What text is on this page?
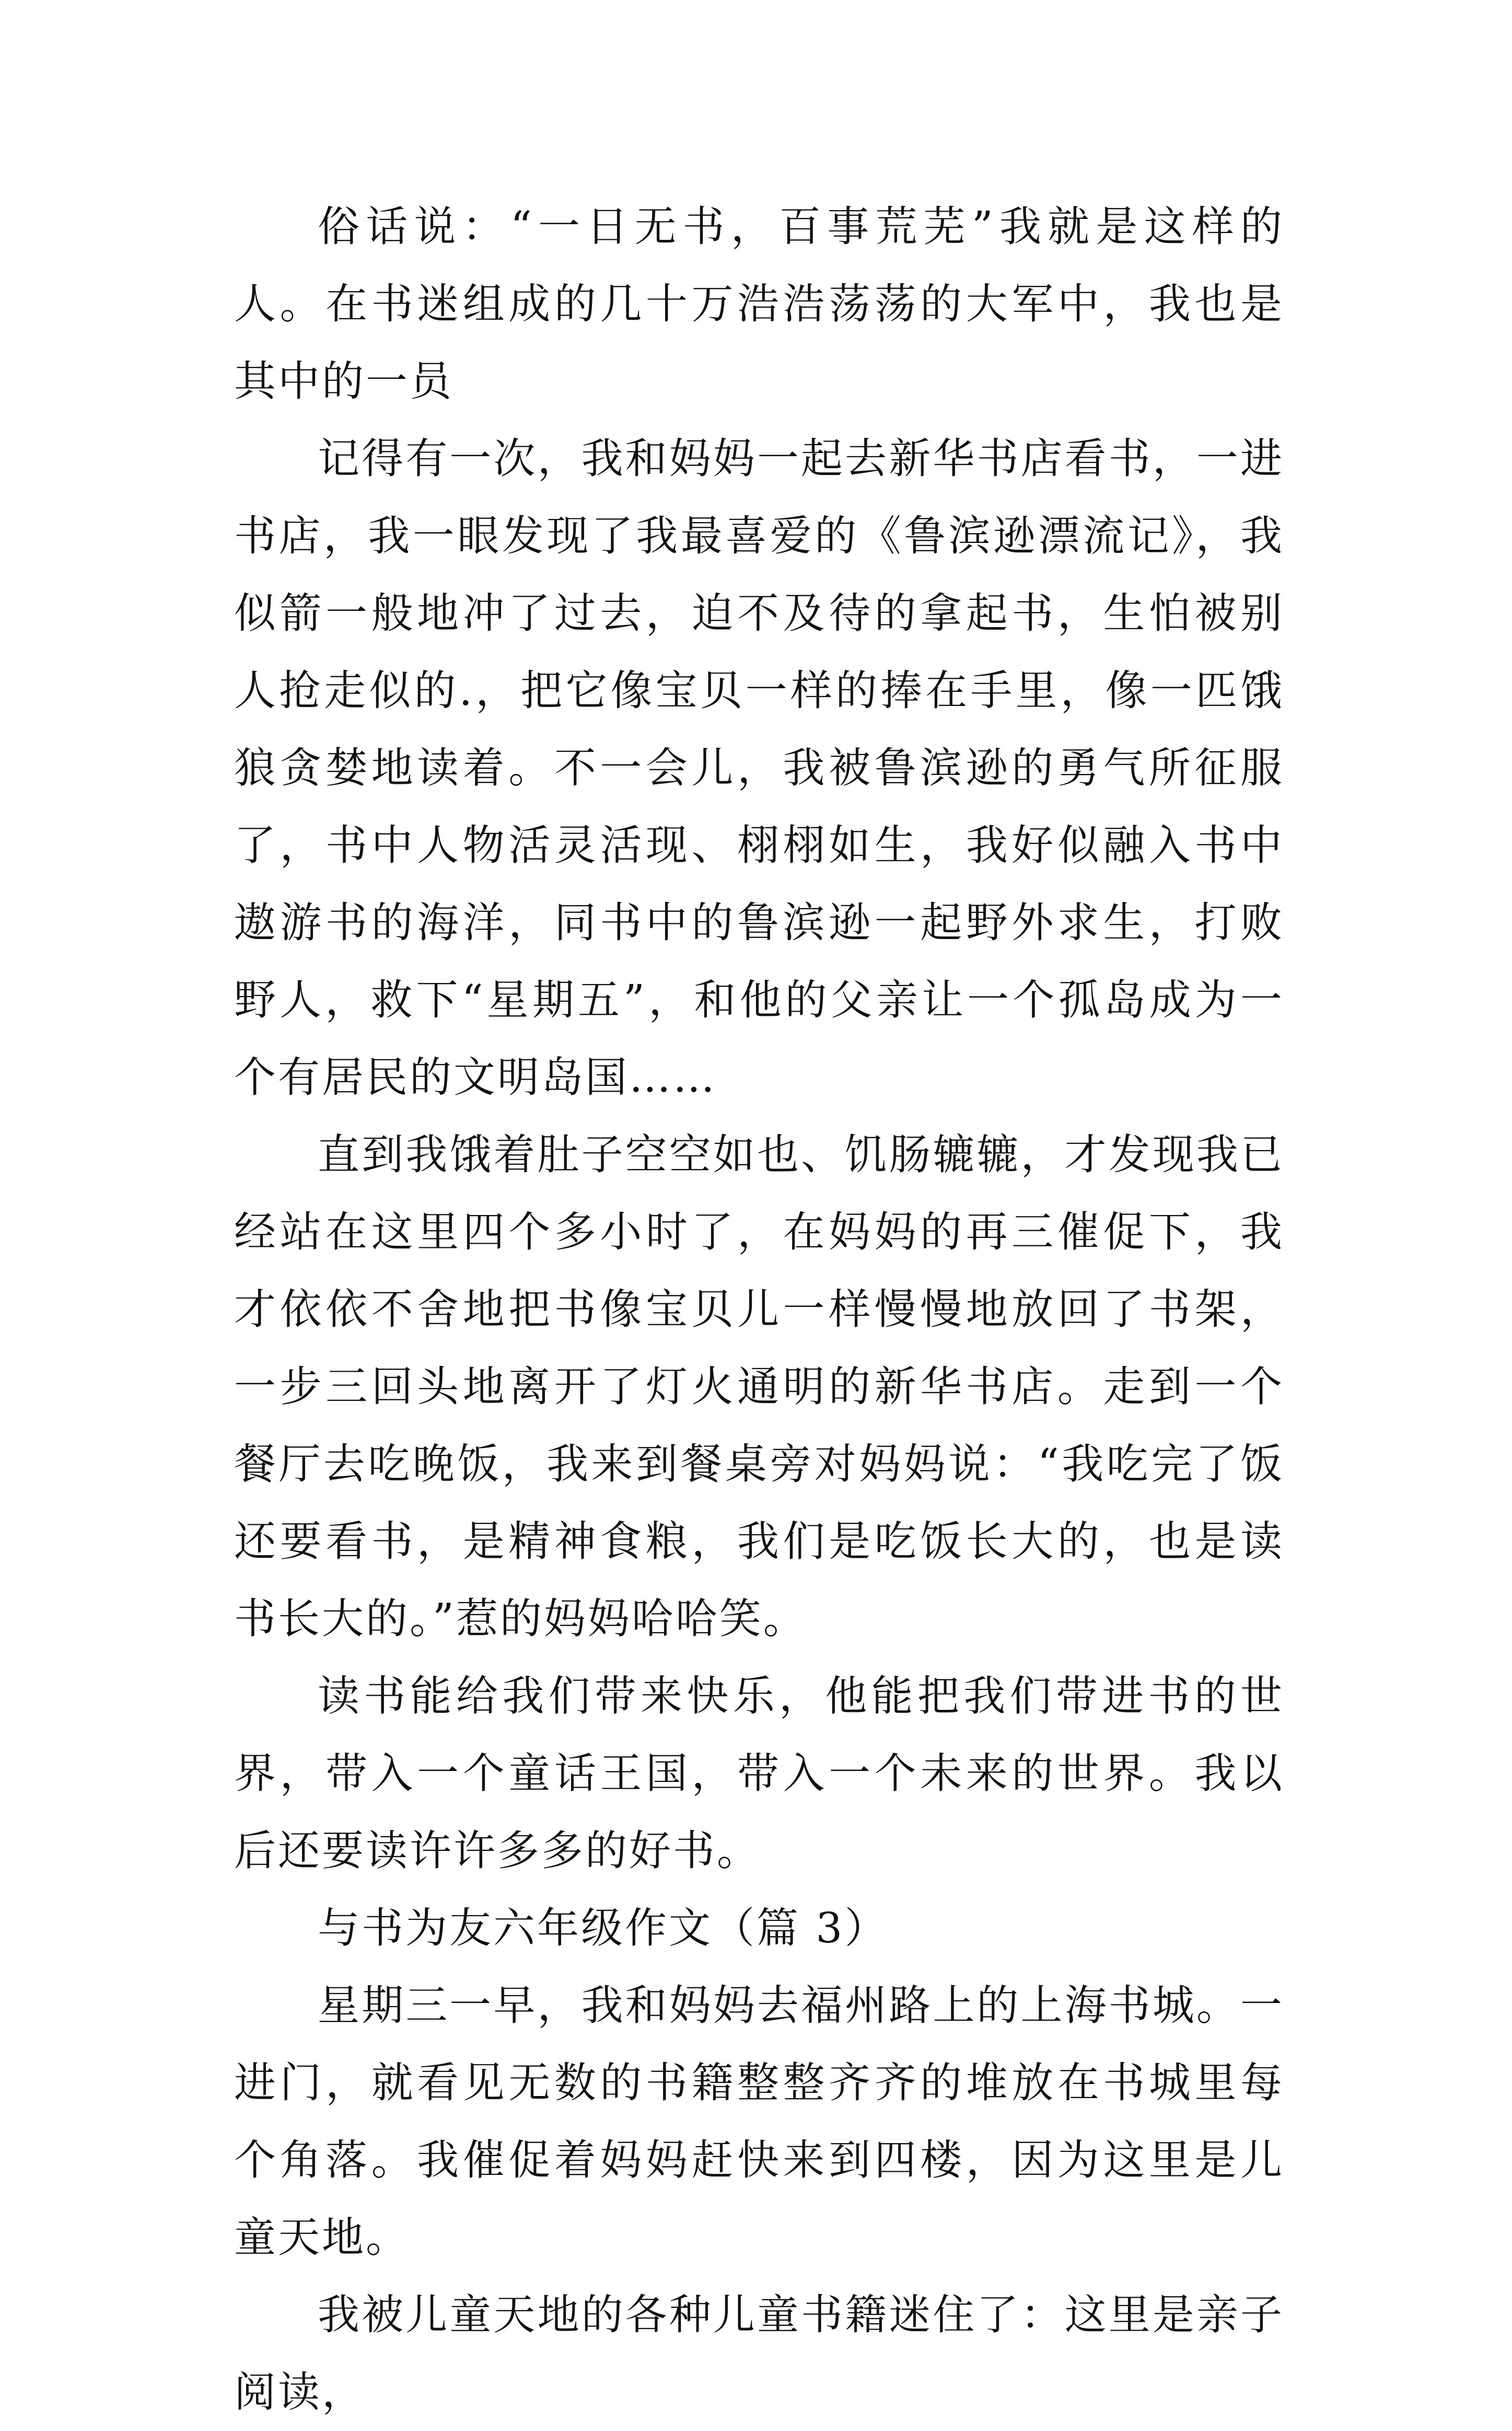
俗话说：“一日无书，百事荒芜”我就是这样的人。在书迷组成的几十万浩浩荡荡的大军中，我也是其中的一员

记得有一次，我和妈妈一起去新华书店看书，一进书店，我一眼发现了我最喜爱的《鲁滨逊漂流记》，我似箭一般地冲了过去，迫不及待的拿起书，生怕被别人抢走似的.，把它像宝贝一样的捧在手里，像一匹饿狼贪婪地读着。不一会儿，我被鲁滨逊的勇气所征服了，书中人物活灵活现、栩栩如生，我好似融入书中遨游书的海洋，同书中的鲁滨逊一起野外求生，打败野人，救下“星期五”，和他的父亲让一个孤岛成为一个有居民的文明岛国……

直到我饿着肚子空空如也、饥肠辘辘，才发现我已经站在这里四个多小时了，在妈妈的再三催促下，我才依依不舍地把书像宝贝儿一样慢慢地放回了书架，一步三回头地离开了灯火通明的新华书店。走到一个餐厅去吃晚饭，我来到餐桌旁对妈妈说：“我吃完了饭还要看书，是精神食粮，我们是吃饭长大的，也是读书长大的。”惹的妈妈哈哈笑。

读书能给我们带来快乐，他能把我们带进书的世界，带入一个童话王国，带入一个未来的世界。我以后还要读许许多多的好书。

与书为友六年级作文（篇 3）

星期三一早，我和妈妈去福州路上的上海书城。一进门，就看见无数的书籍整整齐齐的堆放在书城里每个角落。我催促着妈妈赶快来到四楼，因为这里是儿童天地。

我被儿童天地的各种儿童书籍迷住了：这里是亲子阅读，
